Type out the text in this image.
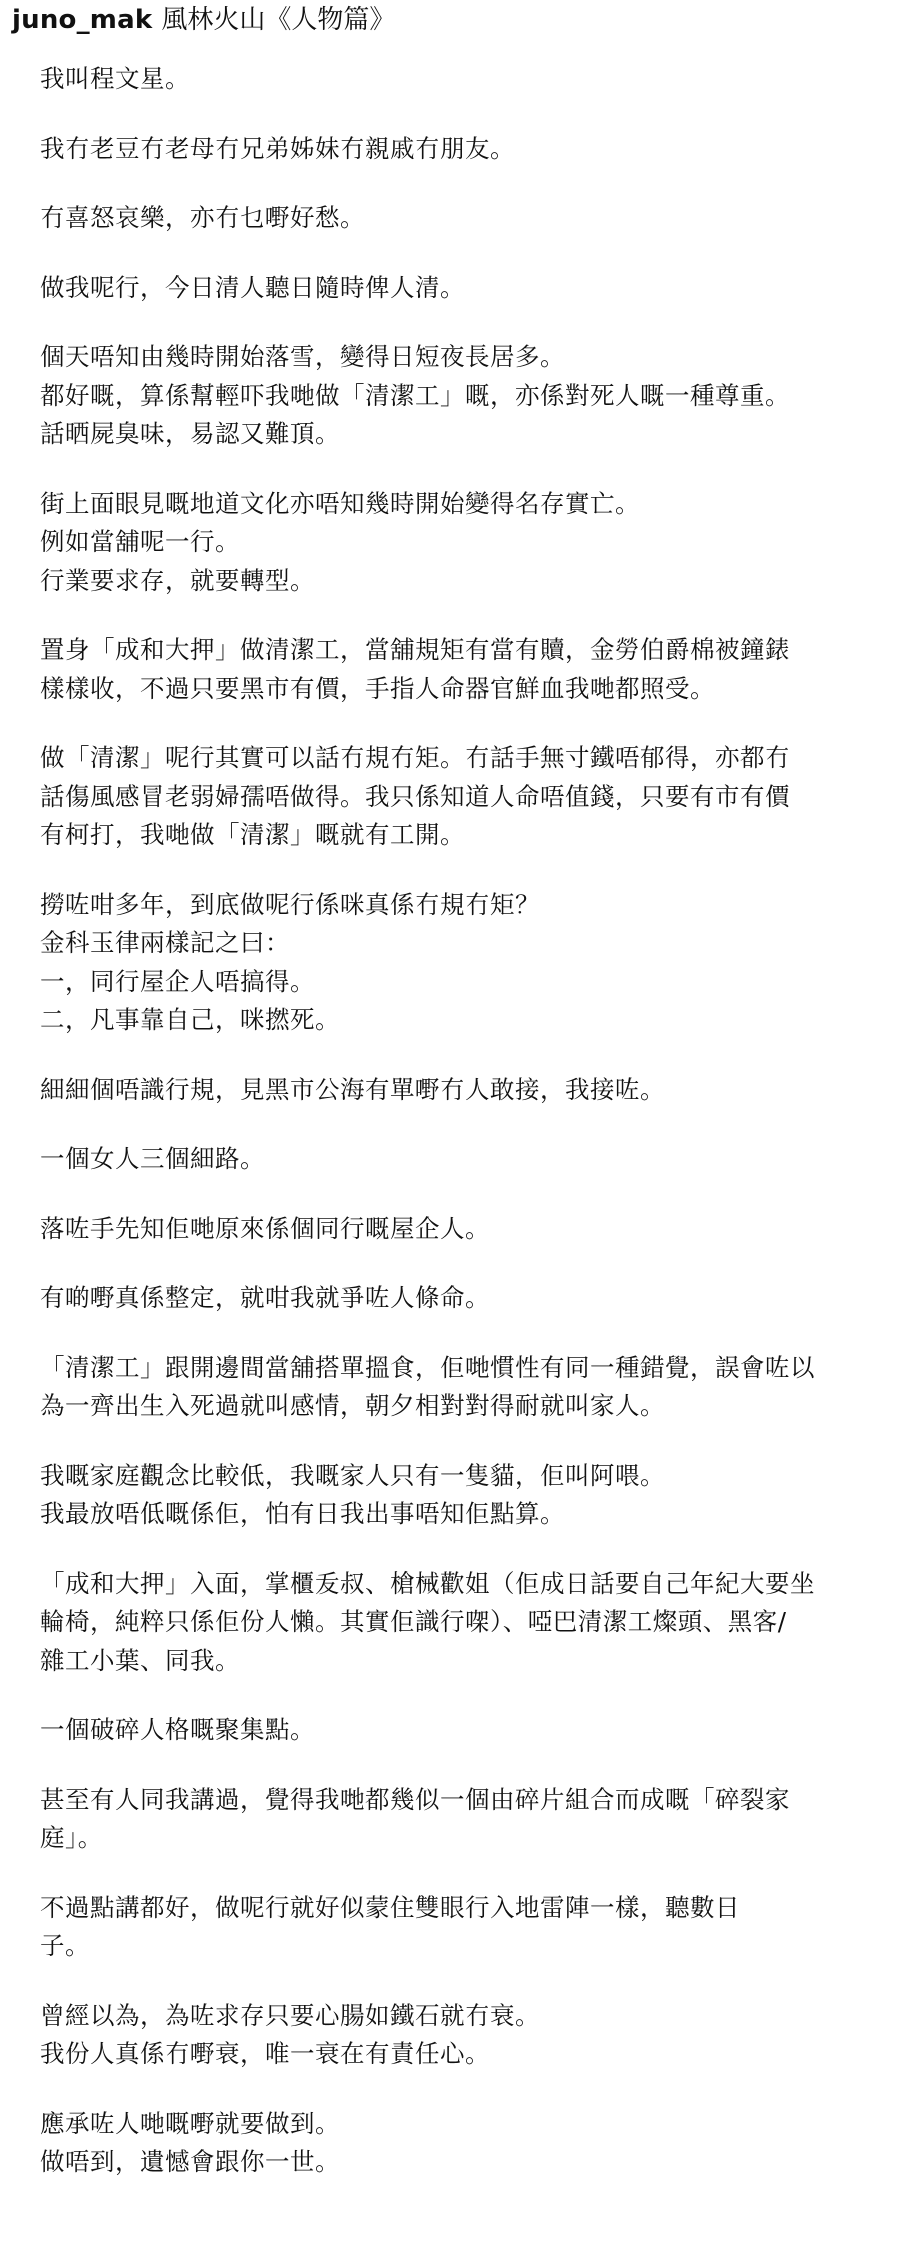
juno_mak 風林火山《人物篇》
我叫程文星。
我冇老豆冇老母冇兄弟姊妹冇親戚冇朋友。
冇喜怒哀樂，亦冇乜嘢好愁。
做我呢行，今日清人聽日隨時俾人清。
個天唔知由幾時開始落雪，變得日短夜長居多。
都好嘅，算係幫輕吓我哋做「清潔工」嘅，亦係對死人嘅一種尊重。
話晒屍臭味，易認又難頂。
街上面眼見嘅地道文化亦唔知幾時開始變得名存實亡。
例如當舖呢一行。
行業要求存，就要轉型。
置身「成和大押」做清潔工，當舖規矩有當有贖，金勞伯爵棉被鐘錶
樣樣收，不過只要黑市有價，手指人命器官鮮血我哋都照受。
做「清潔」呢行其實可以話冇規冇矩。冇話手無寸鐵唔郁得，亦都冇
話傷風感冒老弱婦孺唔做得。我只係知道人命唔值錢，只要有市有價
有柯打，我哋做「清潔」嘅就有工開。
撈咗咁多年，到底做呢行係咪真係冇規冇矩？
金科玉律兩樣記之曰：
一，同行屋企人唔搞得。
二，凡事靠自己，咪撚死。
細細個唔識行規，見黑市公海有單嘢冇人敢接，我接咗。
一個女人三個細路。
落咗手先知佢哋原來係個同行嘅屋企人。
有啲嘢真係整定，就咁我就爭咗人條命。
「清潔工」跟開邊間當舖搭單搵食，佢哋慣性有同一種錯覺，誤會咗以
為一齊出生入死過就叫感情，朝夕相對對得耐就叫家人。
我嘅家庭觀念比較低，我嘅家人只有一隻貓，佢叫阿喂。
我最放唔低嘅係佢，怕有日我出事唔知佢點算。
「成和大押」入面，掌櫃叐叔、槍械歡姐（佢成日話要自己年紀大要坐
輪椅，純粹只係佢份人懶。其實佢識行㗎）、啞巴清潔工燦頭、黑客/
雜工小葉、同我。
一個破碎人格嘅聚集點。
甚至有人同我講過，覺得我哋都幾似一個由碎片組合而成嘅「碎裂家
庭」。
不過點講都好，做呢行就好似蒙住雙眼行入地雷陣一樣，聽數日
子。
曾經以為，為咗求存只要心腸如鐵石就冇衰。
我份人真係冇嘢衰，唯一衰在有責任心。
應承咗人哋嘅嘢就要做到。
做唔到，遺憾會跟你一世。
